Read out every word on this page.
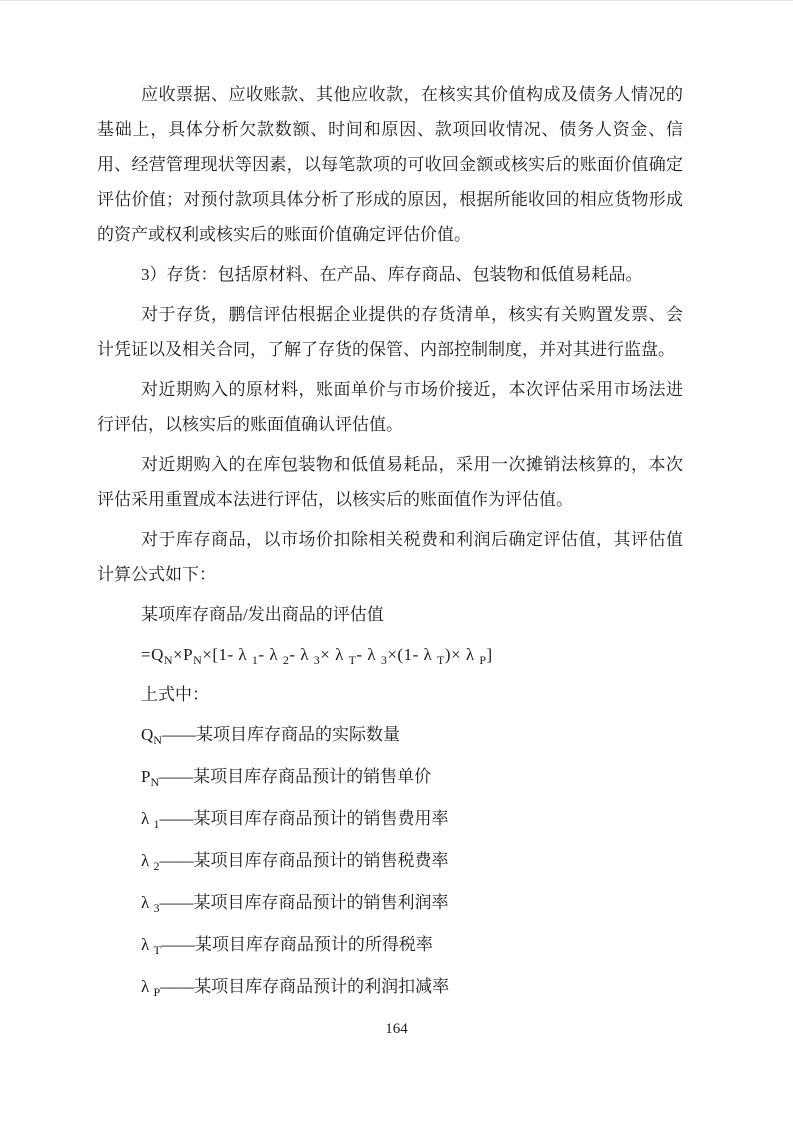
应收票据、应收账款、其他应收款，在核实其价值构成及债务人情况的基础上，具体分析欠款数额、时间和原因、款项回收情况、债务人资金、信用、经营管理现状等因素，以每笔款项的可收回金额或核实后的账面价值确定评估价值；对预付款项具体分析了形成的原因，根据所能收回的相应货物形成的资产或权利或核实后的账面价值确定评估价值。

3）存货：包括原材料、在产品、库存商品、包装物和低值易耗品。

对于存货，鹏信评估根据企业提供的存货清单，核实有关购置发票、会计凭证以及相关合同，了解了存货的保管、内部控制制度，并对其进行监盘。

对近期购入的原材料，账面单价与市场价接近，本次评估采用市场法进行评估，以核实后的账面值确认评估值。

对近期购入的在库包装物和低值易耗品，采用一次摊销法核算的，本次评估采用重置成本法进行评估，以核实后的账面值作为评估值。

对于库存商品，以市场价扣除相关税费和利润后确定评估值，其评估值计算公式如下：

某项库存商品/发出商品的评估值

$=Q_N\times P_N\times[1-$ λ $_1$- λ $_2$- λ $_3$× λ $_T$- λ $_3$×(1- λ $_T$)× λ $_P$]

上式中：

$Q_N——$某项目库存商品的实际数量

$P_N——$某项目库存商品预计的销售单价

λ $_1$——某项目库存商品预计的销售费用率

λ $_2$——某项目库存商品预计的销售税费率

λ $_3$——某项目库存商品预计的销售利润率

λ $_T$——某项目库存商品预计的所得税率

λ $_P$——某项目库存商品预计的利润扣减率

164
